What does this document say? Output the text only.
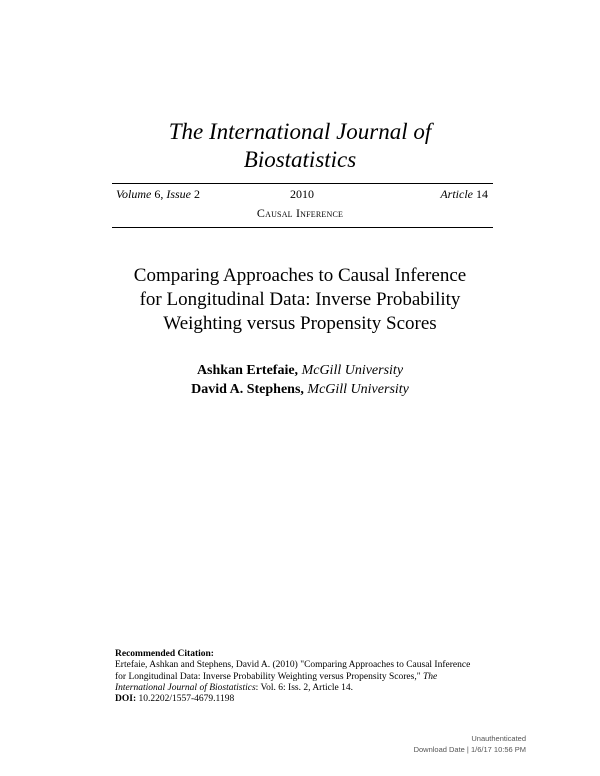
The International Journal of
Biostatistics
Volume 6, Issue 2	2010	Article 14
Causal Inference
Comparing Approaches to Causal Inference
for Longitudinal Data: Inverse Probability
Weighting versus Propensity Scores
Ashkan Ertefaie, McGill University
David A. Stephens, McGill University
Recommended Citation:
Ertefaie, Ashkan and Stephens, David A. (2010) "Comparing Approaches to Causal Inference
for Longitudinal Data: Inverse Probability Weighting versus Propensity Scores," The
International Journal of Biostatistics: Vol. 6: Iss. 2, Article 14.
DOI: 10.2202/1557-4679.1198
Unauthenticated
Download Date | 1/6/17 10:56 PM
